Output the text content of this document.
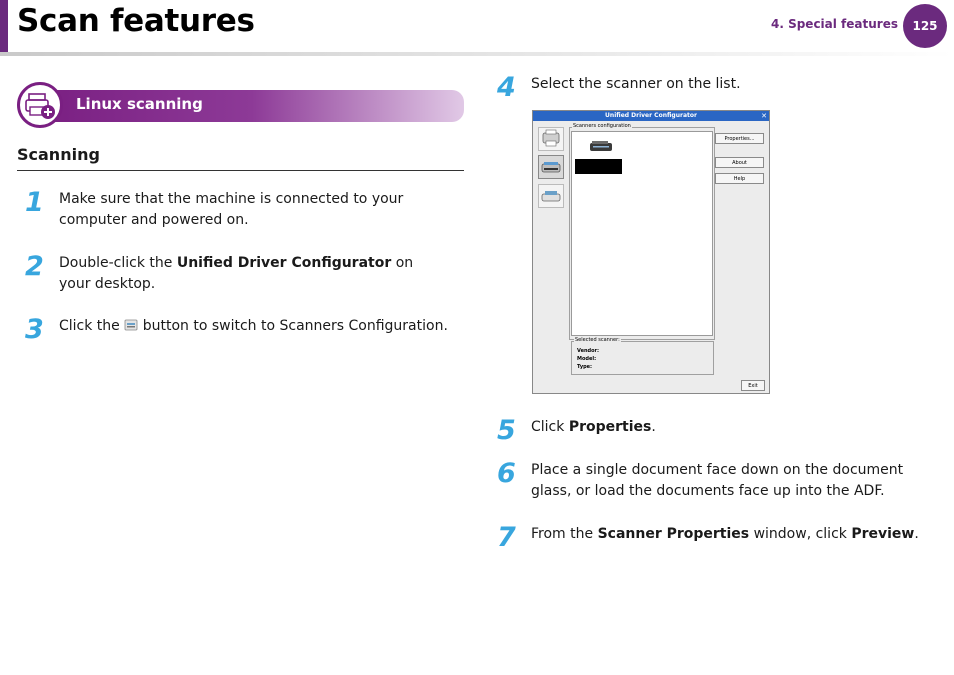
Scan features	4. Special features	125
Linux scanning
Scanning
1 Make sure that the machine is connected to your computer and powered on.
2 Double-click the Unified Driver Configurator on your desktop.
3 Click the  button to switch to Scanners Configuration.
4 Select the scanner on the list.
Unified Driver Configurator	✕
Scanners configuration
Properties...
About
Help
Selected scanner:
Vendor:
Model:
Type:
Exit
5 Click Properties.
6 Place a single document face down on the document glass, or load the documents face up into the ADF.
7 From the Scanner Properties window, click Preview.
